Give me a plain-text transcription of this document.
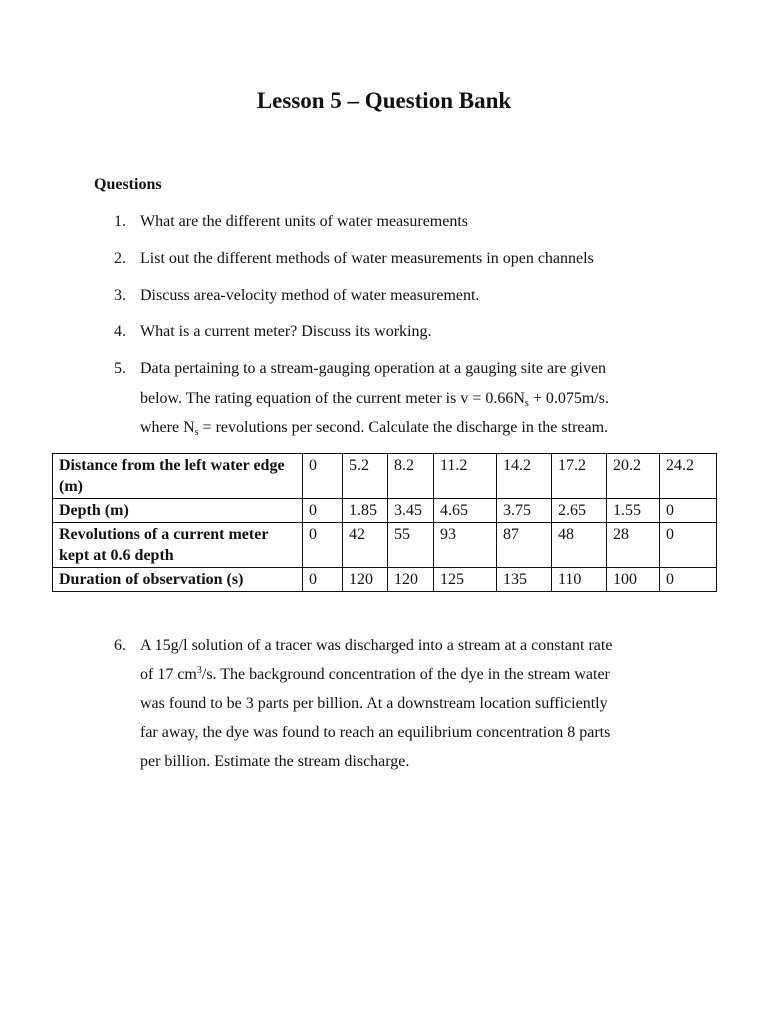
Lesson 5 – Question Bank
Questions
1. What are the different units of water measurements
2. List out the different methods of water measurements in open channels
3. Discuss area-velocity method of water measurement.
4. What is a current meter? Discuss its working.
5. Data pertaining to a stream-gauging operation at a gauging site are given
below. The rating equation of the current meter is $v = 0.66N_s + 0.075m/s$.
where $N_s$ = revolutions per second. Calculate the discharge in the stream.
Distance from the left water edge (m)	0	5.2	8.2	11.2	14.2	17.2	20.2	24.2
Depth (m)	0	1.85	3.45	4.65	3.75	2.65	1.55	0
Revolutions of a current meter kept at 0.6 depth	0	42	55	93	87	48	28	0
Duration of observation (s)	0	120	120	125	135	110	100	0
6. A 15g/l solution of a tracer was discharged into a stream at a constant rate
of 17 $cm^3/s$. The background concentration of the dye in the stream water
was found to be 3 parts per billion. At a downstream location sufficiently
far away, the dye was found to reach an equilibrium concentration 8 parts
per billion. Estimate the stream discharge.
